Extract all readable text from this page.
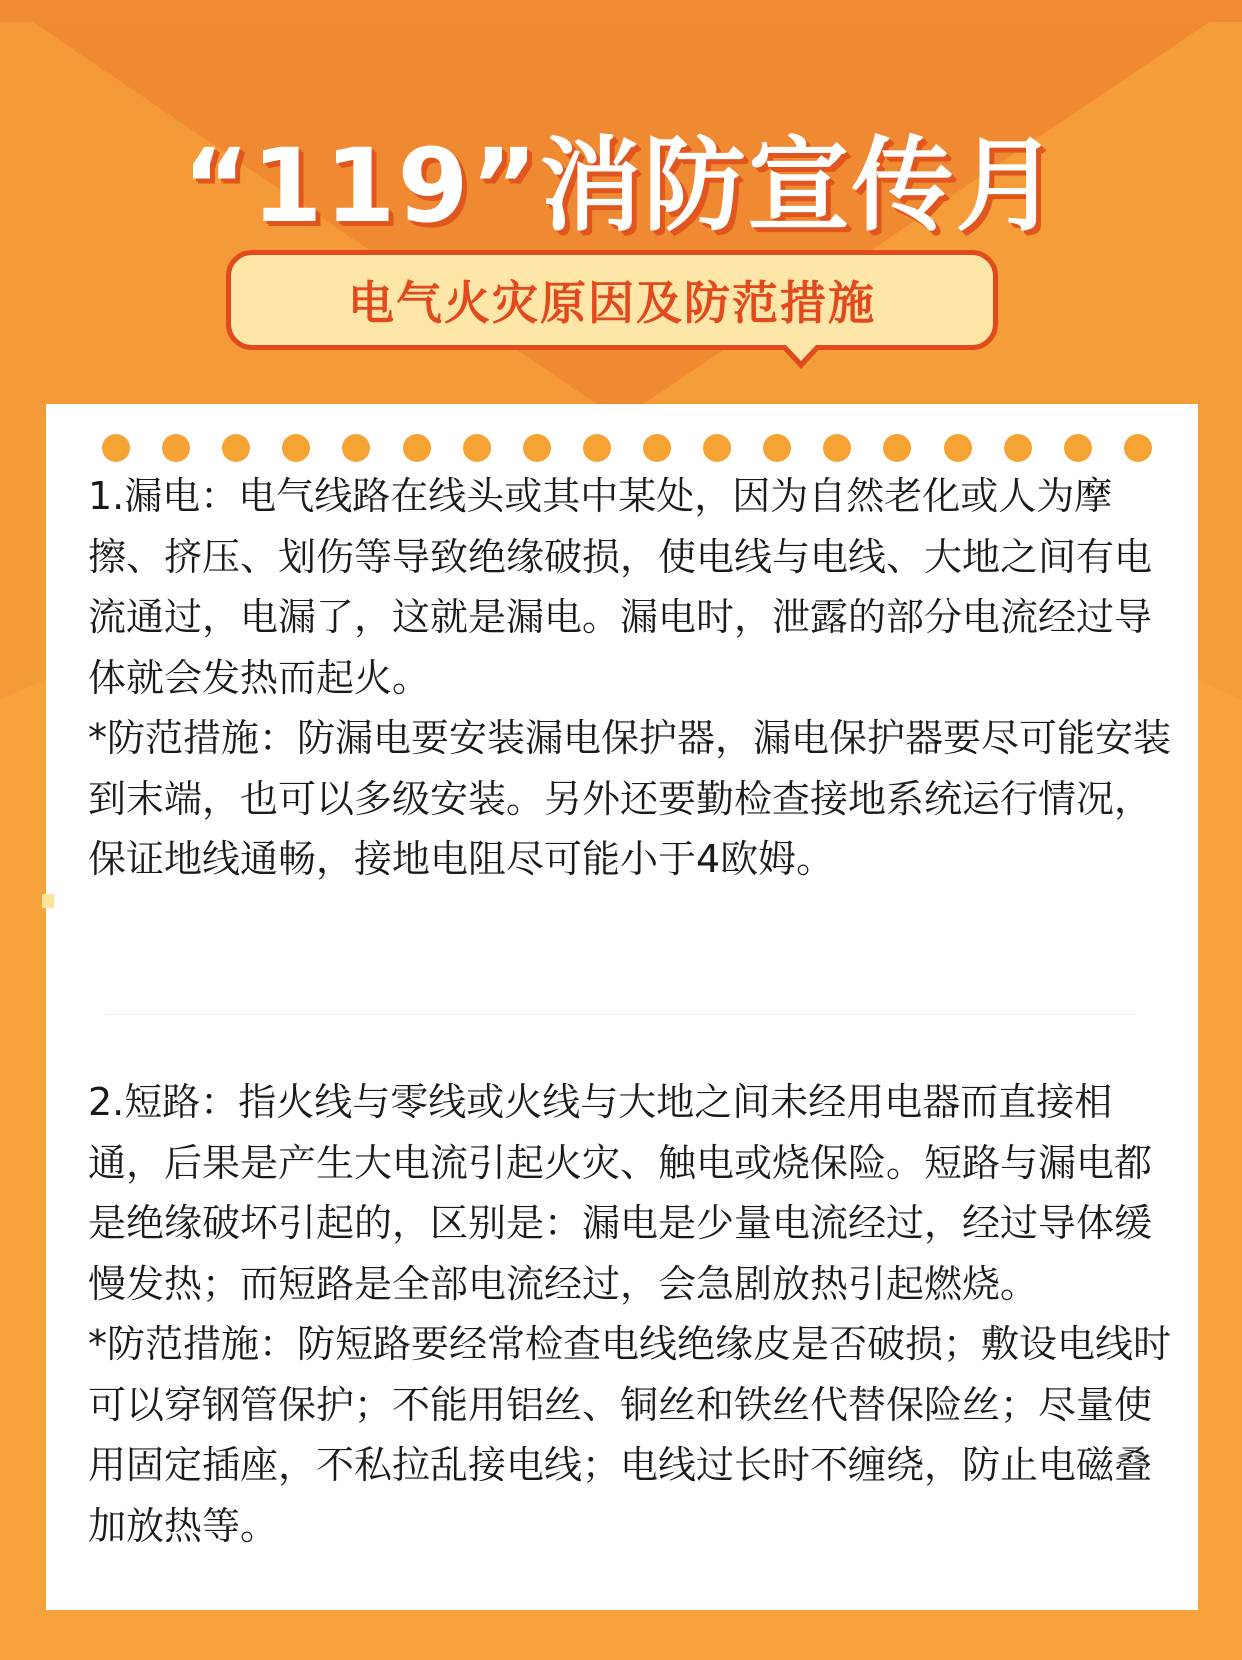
“119”消防宣传月
电气火灾原因及防范措施

1.漏电：电气线路在线头或其中某处，因为自然老化或人为摩擦、挤压、划伤等导致绝缘破损，使电线与电线、大地之间有电流通过，电漏了，这就是漏电。漏电时，泄露的部分电流经过导体就会发热而起火。

*防范措施：防漏电要安装漏电保护器，漏电保护器要尽可能安装到末端，也可以多级安装。另外还要勤检查接地系统运行情况，保证地线通畅，接地电阻尽可能小于4欧姆。

2.短路：指火线与零线或火线与大地之间未经用电器而直接相通，后果是产生大电流引起火灾、触电或烧保险。短路与漏电都是绝缘破坏引起的，区别是：漏电是少量电流经过，经过导体缓慢发热；而短路是全部电流经过，会急剧放热引起燃烧。

*防范措施：防短路要经常检查电线绝缘皮是否破损；敷设电线时可以穿钢管保护；不能用铝丝、铜丝和铁丝代替保险丝；尽量使用固定插座，不私拉乱接电线；电线过长时不缠绕，防止电磁叠加放热等。
